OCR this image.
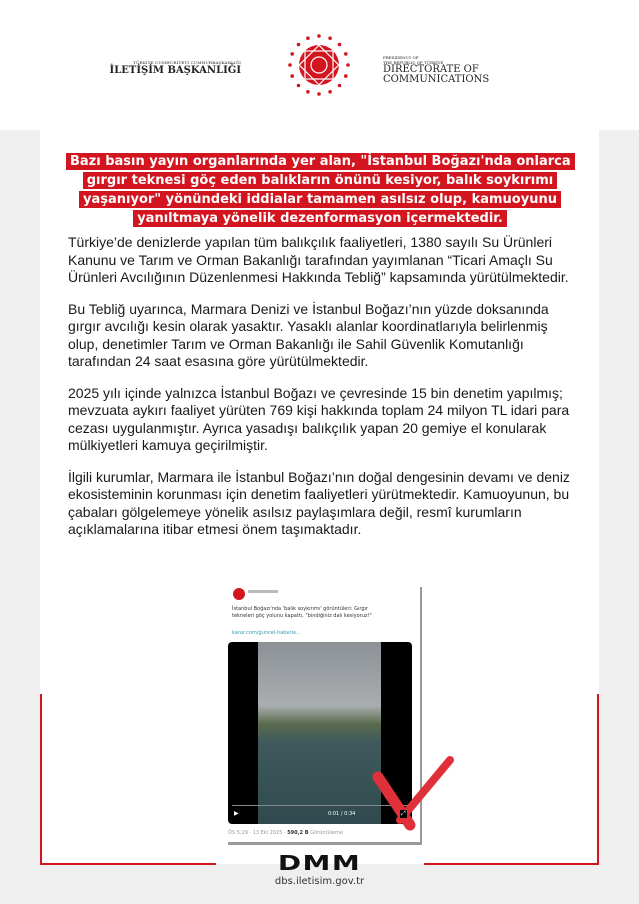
TÜRKİYE CUMHURİYETİ CUMHURBAŞKANLIĞI
İLETİŞİM BAŞKANLIĞI
PRESIDENCY OF
THE REPUBLIC OF TÜRKİYE
DIRECTORATE OF
COMMUNICATIONS
Bazı basın yayın organlarında yer alan, "İstanbul Boğazı'nda onlarca gırgır teknesi göç eden balıkların önünü kesiyor, balık soykırımı yaşanıyor" yönündeki iddialar tamamen asılsız olup, kamuoyunu yanıltmaya yönelik dezenformasyon içermektedir.

Türkiye’de denizlerde yapılan tüm balıkçılık faaliyetleri, 1380 sayılı Su Ürünleri Kanunu ve Tarım ve Orman Bakanlığı tarafından yayımlanan “Ticari Amaçlı Su Ürünleri Avcılığının Düzenlenmesi Hakkında Tebliğ” kapsamında yürütülmektedir.

Bu Tebliğ uyarınca, Marmara Denizi ve İstanbul Boğazı’nın yüzde doksanında gırgır avcılığı kesin olarak yasaktır. Yasaklı alanlar koordinatlarıyla belirlenmiş olup, denetimler Tarım ve Orman Bakanlığı ile Sahil Güvenlik Komutanlığı tarafından 24 saat esasına göre yürütülmektedir.

2025 yılı içinde yalnızca İstanbul Boğazı ve çevresinde 15 bin denetim yapılmış; mevzuata aykırı faaliyet yürüten 769 kişi hakkında toplam 24 milyon TL idari para cezası uygulanmıştır. Ayrıca yasadışı balıkçılık yapan 20 gemiye el konularak mülkiyetleri kamuya geçirilmiştir.

İlgili kurumlar, Marmara ile İstanbul Boğazı’nın doğal dengesinin devamı ve deniz ekosisteminin korunması için denetim faaliyetleri yürütmektedir. Kamuoyunun, bu çabaları gölgelemeye yönelik asılsız paylaşımlara değil, resmî kurumların açıklamalarına itibar etmesi önem taşımaktadır.

İstanbul Boğazı'nda 'balık soykırımı' görüntüleri: Gırgır tekneleri göç yolunu kapattı, "bindiğiniz dalı kesiyoruz!"
karar.com/guncel-haberle...
▶	0:01 / 0:34
ÖS 5:29 · 13 Eki 2025 · 590,2 B Görüntüleme
⤢
DMM
dbs.iletisim.gov.tr
